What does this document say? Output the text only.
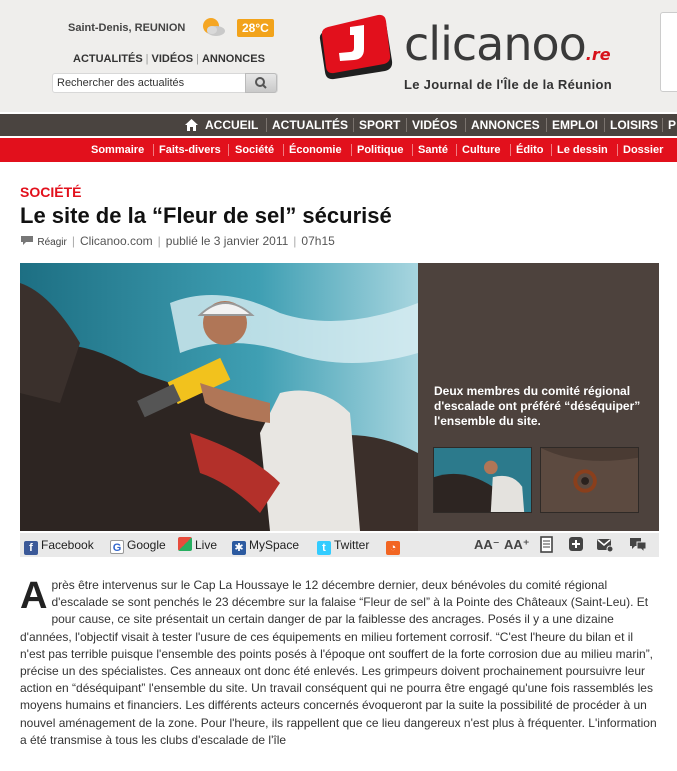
Saint-Denis, REUNION	28°C
ACTUALITÉS | VIDÉOS | ANNONCES
Rechercher des actualités	clicanoo.re
Le Journal de l'Île de la Réunion
ACCUEIL ACTUALITÉS SPORT VIDÉOS ANNONCES EMPLOI LOISIRS P
Sommaire Faits-divers Société Économie Politique Santé Culture Édito Le dessin Dossier
SOCIÉTÉ
Le site de la “Fleur de sel” sécurisé
Réagir | Clicanoo.com | publié le 3 janvier 2011 | 07h15
Deux membres du comité régional d'escalade ont préféré “déséquiper” l'ensemble du site.
f Facebook G Google	Live ✱ MySpace	t Twitter	◔	AA⁻ AA⁺
Après être intervenus sur le Cap La Houssaye le 12 décembre dernier, deux bénévoles du comité régional d'escalade se sont penchés le 23 décembre sur la falaise “Fleur de sel” à la Pointe des Châteaux (Saint-Leu). Et pour cause, ce site présentait un certain danger de par la faiblesse des ancrages. Posés il y a une dizaine d'années, l'objectif visait à tester l'usure de ces équipements en milieu fortement corrosif. “C'est l'heure du bilan et il n'est pas terrible puisque l'ensemble des points posés à l'époque ont souffert de la forte corrosion due au milieu marin”, précise un des spécialistes. Ces anneaux ont donc été enlevés. Les grimpeurs doivent prochainement poursuivre leur action en “déséquipant” l'ensemble du site. Un travail conséquent qui ne pourra être engagé qu'une fois rassemblés les moyens humains et financiers. Les différents acteurs concernés évoqueront par la suite la possibilité de procéder à un nouvel aménagement de la zone. Pour l'heure, ils rappellent que ce lieu dangereux n'est plus à fréquenter. L'information a été transmise à tous les clubs d'escalade de l'île
